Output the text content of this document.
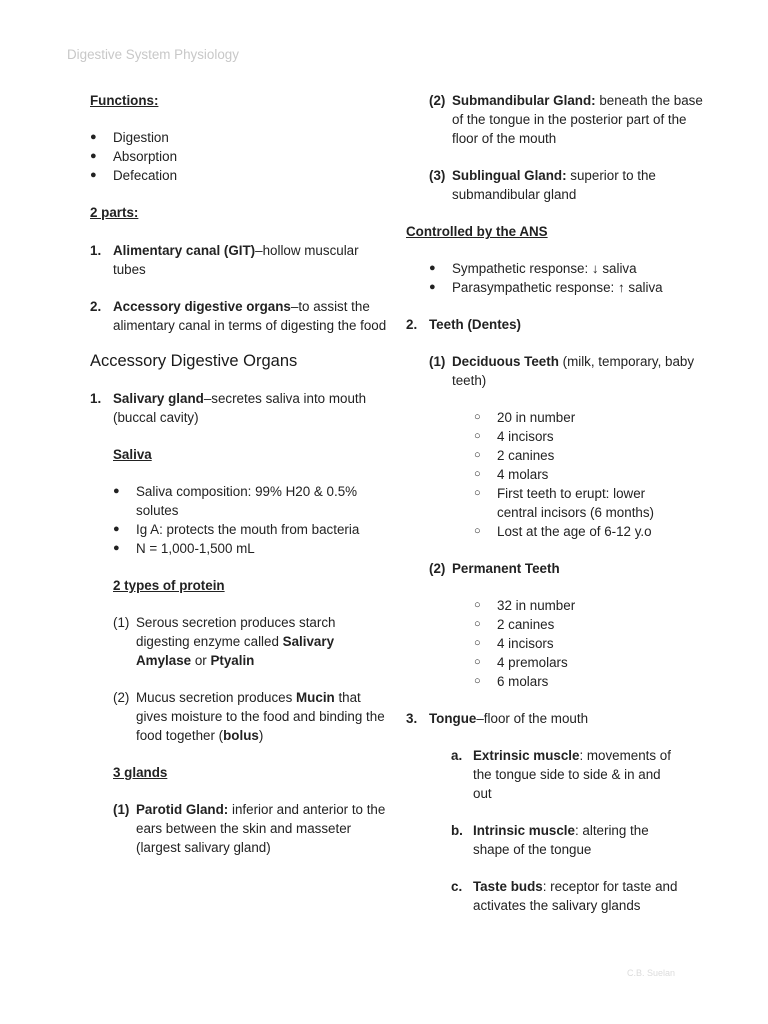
Digestive System Physiology

Functions:

●	Digestion
●	Absorption
●	Defecation

2 parts:

1. Alimentary canal (GIT)–hollow muscular tubes
2. Accessory digestive organs–to assist the alimentary canal in terms of digesting the food

Accessory Digestive Organs

1. Salivary gland–secretes saliva into mouth (buccal cavity)

Saliva

●	Saliva composition: 99% H20 & 0.5% solutes
●	Ig A: protects the mouth from bacteria
●	N = 1,000-1,500 mL

2 types of protein

(1) Serous secretion produces starch digesting enzyme called Salivary Amylase or Ptyalin
(2) Mucus secretion produces Mucin that gives moisture to the food and binding the food together (bolus)

3 glands

(1) Parotid Gland: inferior and anterior to the ears between the skin and masseter (largest salivary gland)
(2) Submandibular Gland: beneath the base of the tongue in the posterior part of the floor of the mouth
(3) Sublingual Gland: superior to the submandibular gland

Controlled by the ANS

●	Sympathetic response: ↓ saliva
●	Parasympathetic response: ↑ saliva
2. Teeth (Dentes)
(1) Deciduous Teeth (milk, temporary, baby teeth)
○	20 in number
○	4 incisors
○	2 canines
○	4 molars
○	First teeth to erupt: lower central incisors (6 months)
○	Lost at the age of 6-12 y.o
(2) Permanent Teeth
○	32 in number
○	2 canines
○	4 incisors
○	4 premolars
○	6 molars
3. Tongue–floor of the mouth
a. Extrinsic muscle: movements of the tongue side to side & in and out
b. Intrinsic muscle: altering the shape of the tongue
c. Taste buds: receptor for taste and activates the salivary glands
C.B. Suelan
